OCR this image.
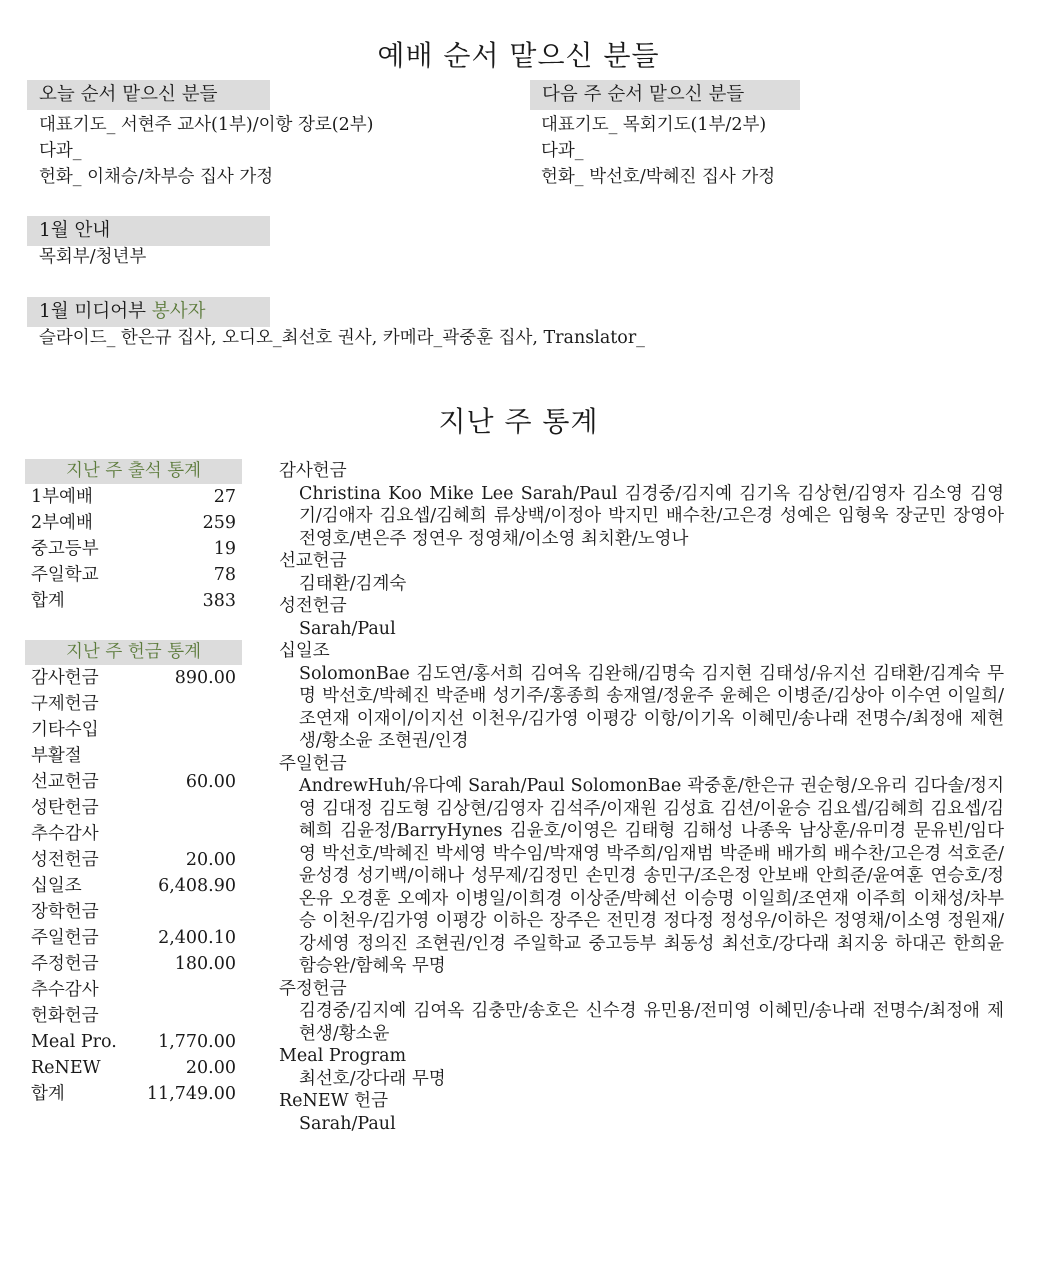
예배 순서 맡으신 분들
오늘 순서 맡으신 분들
대표기도_ 서현주 교사(1부)/이항 장로(2부)
다과_
헌화_ 이채승/차부승 집사 가정
다음 주 순서 맡으신 분들
대표기도_ 목회기도(1부/2부)
다과_
헌화_ 박선호/박혜진 집사 가정
1월 안내
목회부/청년부
1월 미디어부 봉사자
슬라이드_ 한은규 집사, 오디오_최선호 권사, 카메라_곽중훈 집사, Translator_
지난 주 통계
지난 주 출석 통계
1부예배	27
2부예배	259
중고등부	19
주일학교	78
합계	383
지난 주 헌금 통계
감사헌금	890.00
구제헌금
기타수입
부활절
선교헌금	60.00
성탄헌금
추수감사
성전헌금	20.00
십일조	6,408.90
장학헌금
주일헌금	2,400.10
주정헌금	180.00
추수감사
헌화헌금
Meal Pro. 1,770.00
ReNEW	20.00
합계	11,749.00
감사헌금
Christina Koo Mike Lee Sarah/Paul 김경중/김지예 김기옥 김상현/김영자 김소영 김영기/김애자 김요셉/김혜희 류상백/이정아 박지민 배수찬/고은경 성예은 임형욱 장군민 장영아 전영호/변은주 정연우 정영채/이소영 최치환/노영나
선교헌금
김태환/김계숙
성전헌금
Sarah/Paul
십일조
SolomonBae 김도연/홍서희 김여옥 김완해/김명숙 김지현 김태성/유지선 김태환/김계숙 무명 박선호/박혜진 박준배 성기주/홍종희 송재열/정윤주 윤혜은 이병준/김상아 이수연 이일희/조연재 이재이/이지선 이천우/김가영 이평강 이항/이기옥 이혜민/송나래 전명수/최정애 제현생/황소윤 조현권/인경
주일헌금
AndrewHuh/유다예 Sarah/Paul SolomonBae 곽중훈/한은규 권순형/오유리 김다솔/정지영 김대정 김도형 김상현/김영자 김석주/이재원 김성효 김션/이윤승 김요셉/김혜희 김요셉/김혜희 김윤정/BarryHynes 김윤호/이영은 김태형 김해성 나종욱 남상훈/유미경 문유빈/임다영 박선호/박혜진 박세영 박수임/박재영 박주희/임재범 박준배 배가희 배수찬/고은경 석호준/윤성경 성기백/이해나 성무제/김정민 손민경 송민구/조은정 안보배 안희준/윤여훈 연승호/정온유 오경훈 오예자 이병일/이희경 이상준/박혜선 이승명 이일희/조연재 이주희 이채성/차부승 이천우/김가영 이평강 이하은 장주은 전민경 정다정 정성우/이하은 정영채/이소영 정원재/강세영 정의진 조현권/인경 주일학교 중고등부 최동성 최선호/강다래 최지웅 하대곤 한희윤 함승완/함혜욱 무명
주정헌금
김경중/김지예 김여옥 김충만/송호은 신수경 유민용/전미영 이혜민/송나래 전명수/최정애 제현생/황소윤
Meal Program
최선호/강다래 무명
ReNEW 헌금
Sarah/Paul
